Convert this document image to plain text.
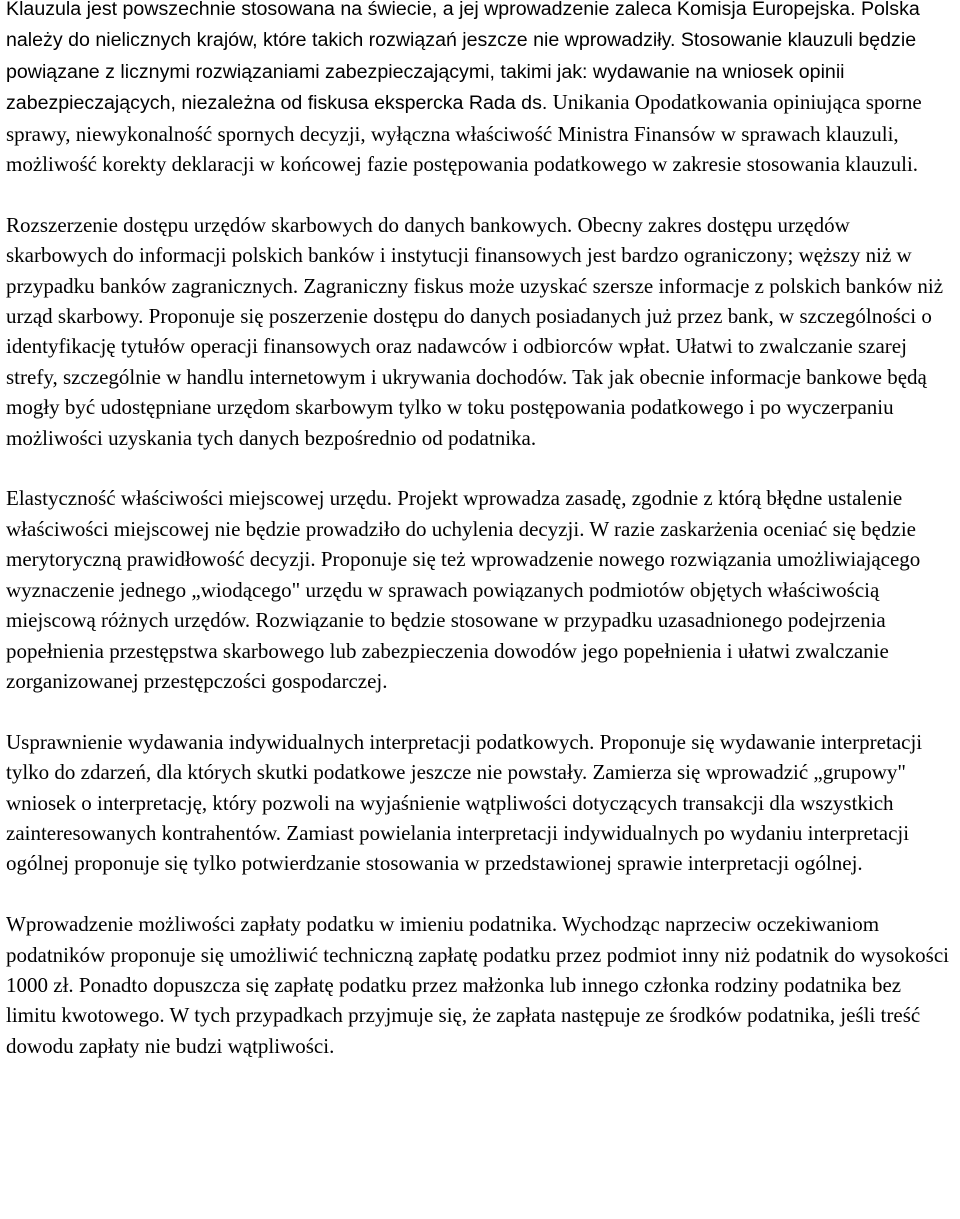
Klauzula jest powszechnie stosowana na świecie, a jej wprowadzenie zaleca Komisja Europejska. Polska należy do nielicznych krajów, które takich rozwiązań jeszcze nie wprowadziły. Stosowanie klauzuli będzie powiązane z licznymi rozwiązaniami zabezpieczającymi, takimi jak: wydawanie na wniosek opinii zabezpieczających, niezależna od fiskusa ekspercka Rada ds. Unikania Opodatkowania opiniująca sporne sprawy, niewykonalność spornych decyzji, wyłączna właściwość Ministra Finansów w sprawach klauzuli, możliwość korekty deklaracji w końcowej fazie postępowania podatkowego w zakresie stosowania klauzuli.

Rozszerzenie dostępu urzędów skarbowych do danych bankowych. Obecny zakres dostępu urzędów skarbowych do informacji polskich banków i instytucji finansowych jest bardzo ograniczony; węższy niż w przypadku banków zagranicznych. Zagraniczny fiskus może uzyskać szersze informacje z polskich banków niż urząd skarbowy. Proponuje się poszerzenie dostępu do danych posiadanych już przez bank, w szczególności o identyfikację tytułów operacji finansowych oraz nadawców i odbiorców wpłat. Ułatwi to zwalczanie szarej strefy, szczególnie w handlu internetowym i ukrywania dochodów. Tak jak obecnie informacje bankowe będą mogły być udostępniane urzędom skarbowym tylko w toku postępowania podatkowego i po wyczerpaniu możliwości uzyskania tych danych bezpośrednio od podatnika.

Elastyczność właściwości miejscowej urzędu. Projekt wprowadza zasadę, zgodnie z którą błędne ustalenie właściwości miejscowej nie będzie prowadziło do uchylenia decyzji. W razie zaskarżenia oceniać się będzie merytoryczną prawidłowość decyzji. Proponuje się też wprowadzenie nowego rozwiązania umożliwiającego wyznaczenie jednego „wiodącego" urzędu w sprawach powiązanych podmiotów objętych właściwością miejscową różnych urzędów. Rozwiązanie to będzie stosowane w przypadku uzasadnionego podejrzenia popełnienia przestępstwa skarbowego lub zabezpieczenia dowodów jego popełnienia i ułatwi zwalczanie zorganizowanej przestępczości gospodarczej.

Usprawnienie wydawania indywidualnych interpretacji podatkowych. Proponuje się wydawanie interpretacji tylko do zdarzeń, dla których skutki podatkowe jeszcze nie powstały. Zamierza się wprowadzić „grupowy" wniosek o interpretację, który pozwoli na wyjaśnienie wątpliwości dotyczących transakcji dla wszystkich zainteresowanych kontrahentów. Zamiast powielania interpretacji indywidualnych po wydaniu interpretacji ogólnej proponuje się tylko potwierdzanie stosowania w przedstawionej sprawie interpretacji ogólnej.

Wprowadzenie możliwości zapłaty podatku w imieniu podatnika. Wychodząc naprzeciw oczekiwaniom podatników proponuje się umożliwić techniczną zapłatę podatku przez podmiot inny niż podatnik do wysokości 1000 zł. Ponadto dopuszcza się zapłatę podatku przez małżonka lub innego członka rodziny podatnika bez limitu kwotowego. W tych przypadkach przyjmuje się, że zapłata następuje ze środków podatnika, jeśli treść dowodu zapłaty nie budzi wątpliwości.
